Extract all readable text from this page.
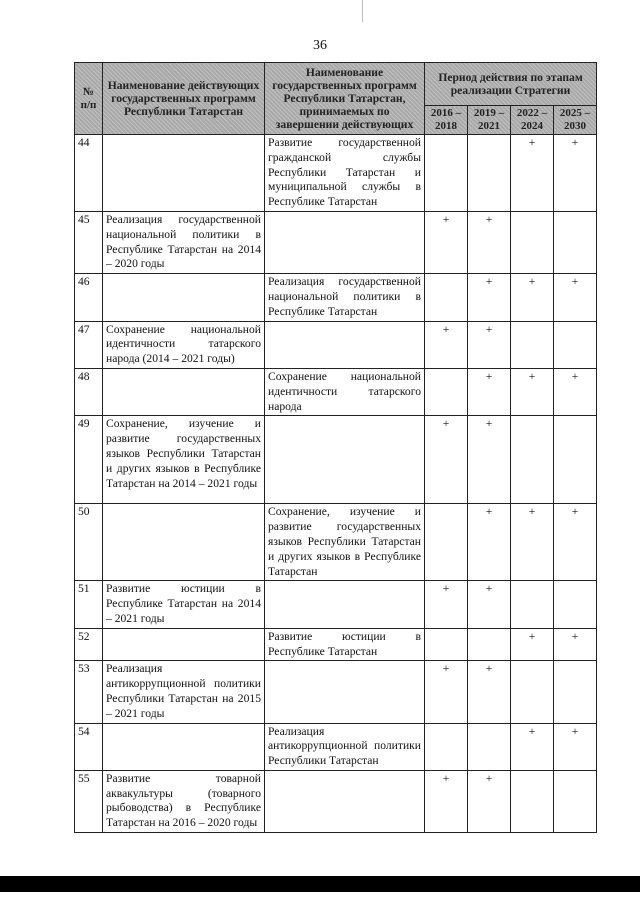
36
№ п/п	Наименование действующих государственных программ Республики Татарстан	Наименование государственных программ Республики Татарстан, принимаемых по завершении действующих	Период действия по этапам реализации Стратегии			
			2016 – 2018	2019 – 2021	2022 – 2024	2025 – 2030
44		Развитие государственной гражданской службы Республики Татарстан и муниципальной службы в Республике Татарстан			+	+
45	Реализация государственной национальной политики в Республике Татарстан на 2014 – 2020 годы		+	+		
46		Реализация государственной национальной политики в Республике Татарстан		+	+	+
47	Сохранение национальной идентичности татарского народа (2014 – 2021 годы)		+	+		
48		Сохранение национальной идентичности татарского народа		+	+	+
49	Сохранение, изучение и развитие государственных языков Республики Татарстан и других языков в Республике Татарстан на 2014 – 2021 годы		+	+		
50		Сохранение, изучение и развитие государственных языков Республики Татарстан и других языков в Республике Татарстан		+	+	+
51	Развитие юстиции в Республике Татарстан на 2014 – 2021 годы		+	+		
52		Развитие юстиции в Республике Татарстан			+	+
53	Реализация антикоррупционной политики Республики Татарстан на 2015 – 2021 годы		+	+		
54		Реализация антикоррупционной политики Республики Татарстан			+	+
55	Развитие товарной аквакультуры (товарного рыбоводства) в Республике Татарстан на 2016 – 2020 годы		+	+		
